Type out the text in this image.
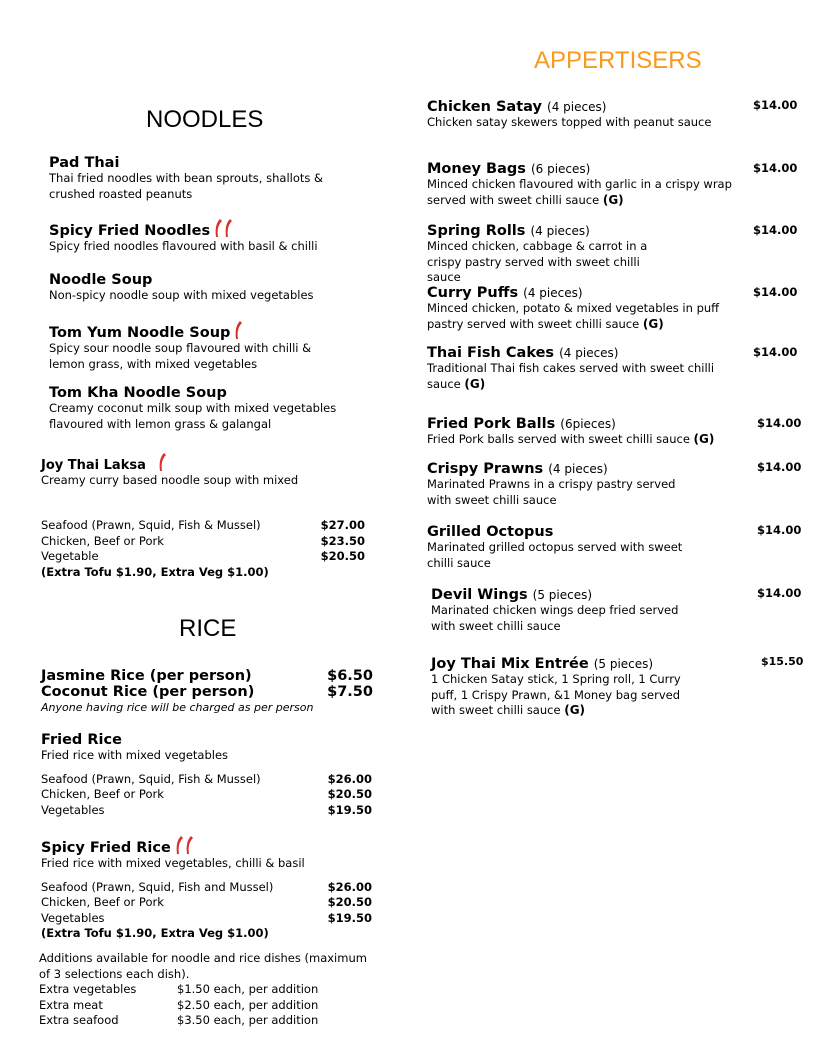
NOODLES
Pad Thai
Thai fried noodles with bean sprouts, shallots & crushed roasted peanuts
Spicy Fried Noodles
Spicy fried noodles flavoured with basil & chilli
Noodle Soup
Non-spicy noodle soup with mixed vegetables
Tom Yum Noodle Soup
Spicy sour noodle soup flavoured with chilli & lemon grass, with mixed vegetables
Tom Kha Noodle Soup
Creamy coconut milk soup with mixed vegetables flavoured with lemon grass & galangal
Joy Thai Laksa
Creamy curry based noodle soup with mixed
Seafood (Prawn, Squid, Fish & Mussel)	$27.00
Chicken, Beef or Pork	$23.50
Vegetable	$20.50
(Extra Tofu $1.90, Extra Veg $1.00)
RICE
Jasmine Rice (per person)	$6.50
Coconut Rice (per person)	$7.50
Anyone having rice will be charged as per person
Fried Rice
Fried rice with mixed vegetables
Seafood (Prawn, Squid, Fish & Mussel)	$26.00
Chicken, Beef or Pork	$20.50
Vegetables	$19.50
Spicy Fried Rice
Fried rice with mixed vegetables, chilli & basil
Seafood (Prawn, Squid, Fish and Mussel)	$26.00
Chicken, Beef or Pork	$20.50
Vegetables	$19.50
(Extra Tofu $1.90, Extra Veg $1.00)
Additions available for noodle and rice dishes (maximum of 3 selections each dish).
Extra vegetables	$1.50 each, per addition
Extra meat	$2.50 each, per addition
Extra seafood	$3.50 each, per addition
APPERTISERS
Chicken Satay (4 pieces)
Chicken satay skewers topped with peanut sauce
$14.00
Money Bags (6 pieces)
Minced chicken flavoured with garlic in a crispy wrap served with sweet chilli sauce (G)
$14.00
Spring Rolls (4 pieces)
Minced chicken, cabbage & carrot in a crispy pastry served with sweet chilli sauce
$14.00
Curry Puffs (4 pieces)
Minced chicken, potato & mixed vegetables in puff pastry served with sweet chilli sauce (G)
$14.00
Thai Fish Cakes (4 pieces)
Traditional Thai fish cakes served with sweet chilli sauce (G)
$14.00
Fried Pork Balls (6pieces)
Fried Pork balls served with sweet chilli sauce (G)
$14.00
Crispy Prawns (4 pieces)
Marinated Prawns in a crispy pastry served with sweet chilli sauce
$14.00
Grilled Octopus
Marinated grilled octopus served with sweet chilli sauce
$14.00
Devil Wings (5 pieces)
Marinated chicken wings deep fried served with sweet chilli sauce
$14.00
Joy Thai Mix Entrée (5 pieces)
1 Chicken Satay stick, 1 Spring roll, 1 Curry puff, 1 Crispy Prawn, &1 Money bag served with sweet chilli sauce (G)
$15.50
